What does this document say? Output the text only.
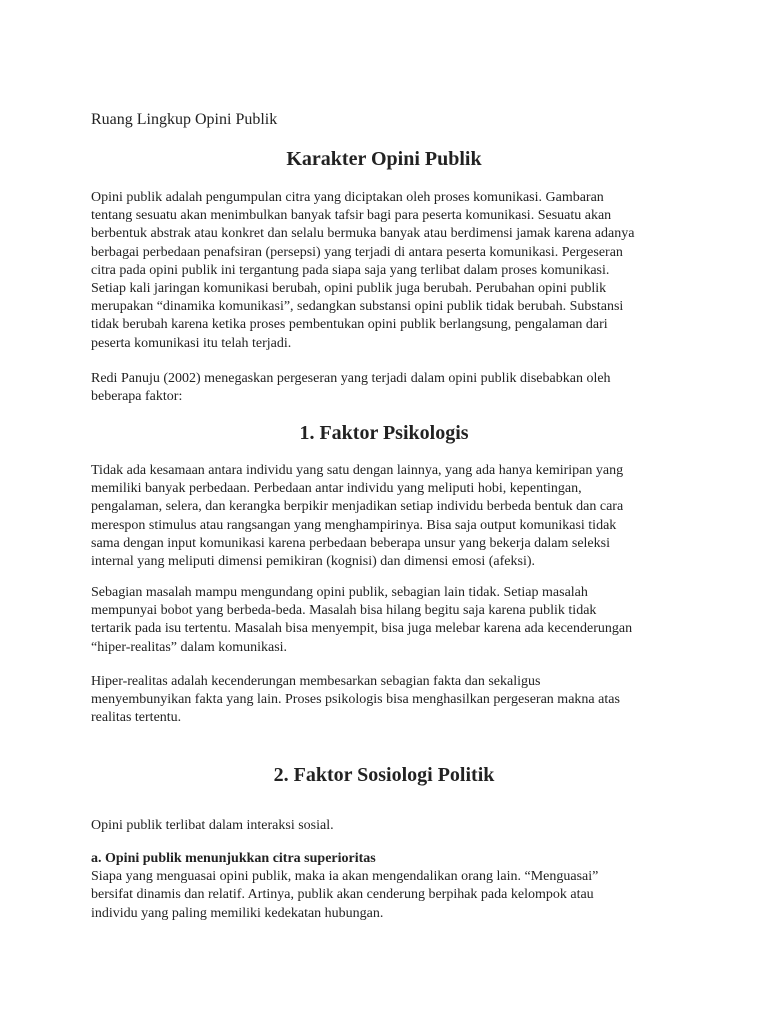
Ruang Lingkup Opini Publik
Karakter Opini Publik
Opini publik adalah pengumpulan citra yang diciptakan oleh proses komunikasi. Gambaran
tentang sesuatu akan menimbulkan banyak tafsir bagi para peserta komunikasi. Sesuatu akan
berbentuk abstrak atau konkret dan selalu bermuka banyak atau berdimensi jamak karena adanya
berbagai perbedaan penafsiran (persepsi) yang terjadi di antara peserta komunikasi. Pergeseran
citra pada opini publik ini tergantung pada siapa saja yang terlibat dalam proses komunikasi.
Setiap kali jaringan komunikasi berubah, opini publik juga berubah. Perubahan opini publik
merupakan “dinamika komunikasi”, sedangkan substansi opini publik tidak berubah. Substansi
tidak berubah karena ketika proses pembentukan opini publik berlangsung, pengalaman dari
peserta komunikasi itu telah terjadi.
Redi Panuju (2002) menegaskan pergeseran yang terjadi dalam opini publik disebabkan oleh
beberapa faktor:
1. Faktor Psikologis
Tidak ada kesamaan antara individu yang satu dengan lainnya, yang ada hanya kemiripan yang
memiliki banyak perbedaan. Perbedaan antar individu yang meliputi hobi, kepentingan,
pengalaman, selera, dan kerangka berpikir menjadikan setiap individu berbeda bentuk dan cara
merespon stimulus atau rangsangan yang menghampirinya. Bisa saja output komunikasi tidak
sama dengan input komunikasi karena perbedaan beberapa unsur yang bekerja dalam seleksi
internal yang meliputi dimensi pemikiran (kognisi) dan dimensi emosi (afeksi).
Sebagian masalah mampu mengundang opini publik, sebagian lain tidak. Setiap masalah
mempunyai bobot yang berbeda-beda. Masalah bisa hilang begitu saja karena publik tidak
tertarik pada isu tertentu. Masalah bisa menyempit, bisa juga melebar karena ada kecenderungan
“hiper-realitas” dalam komunikasi.
Hiper-realitas adalah kecenderungan membesarkan sebagian fakta dan sekaligus
menyembunyikan fakta yang lain. Proses psikologis bisa menghasilkan pergeseran makna atas
realitas tertentu.
2. Faktor Sosiologi Politik
Opini publik terlibat dalam interaksi sosial.
a. Opini publik menunjukkan citra superioritas
Siapa yang menguasai opini publik, maka ia akan mengendalikan orang lain. “Menguasai”
bersifat dinamis dan relatif. Artinya, publik akan cenderung berpihak pada kelompok atau
individu yang paling memiliki kedekatan hubungan.
